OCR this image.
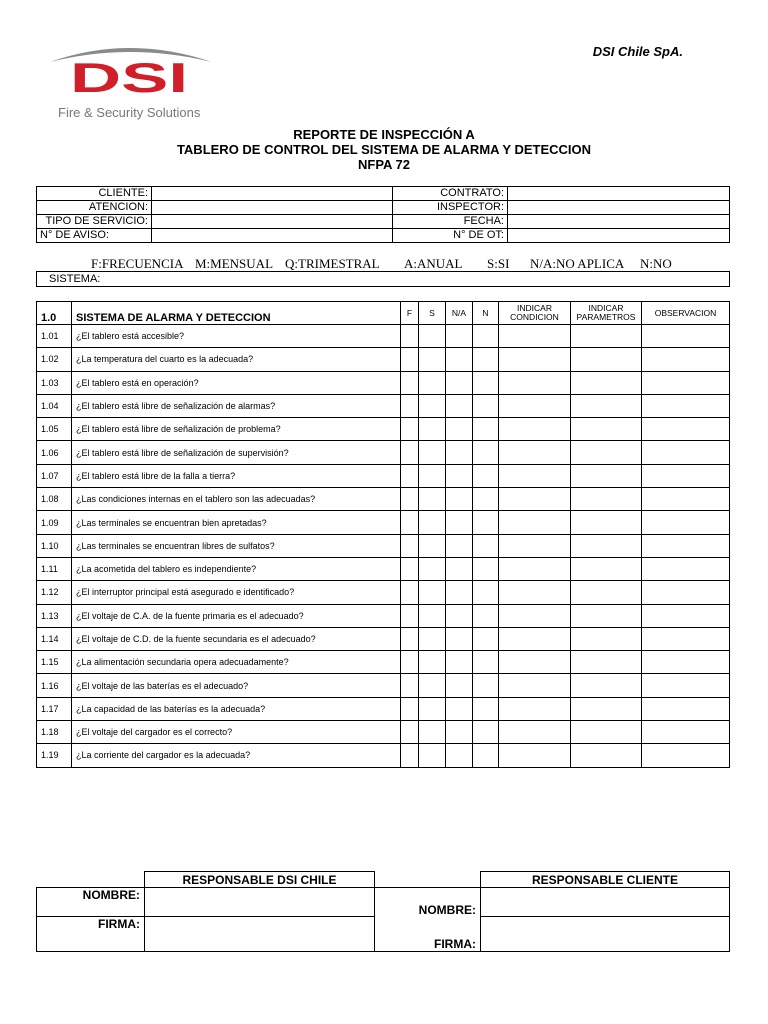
DSI
Fire & Security Solutions
DSI Chile SpA.
REPORTE DE INSPECCIÓN A
TABLERO DE CONTROL DEL SISTEMA DE ALARMA Y DETECCION
NFPA 72
CLIENTE:		CONTRATO:	
ATENCION:		INSPECTOR:	
TIPO DE SERVICIO:		FECHA:	
N° DE AVISO:		N° DE OT:	
F:FRECUENCIA M:MENSUAL Q:TRIMESTRAL A:ANUAL S:SI N/A:NO APLICA N:NO
SISTEMA:
1.0	SISTEMA DE ALARMA Y DETECCION	F	S	N/A	N	INDICAR CONDICION	INDICAR PARAMETROS	OBSERVACION
1.01	¿El tablero está accesible?							
1.02	¿La temperatura del cuarto es la adecuada?							
1.03	¿El tablero está en operación?							
1.04	¿El tablero está libre de señalización de alarmas?							
1.05	¿El tablero está libre de señalización de problema?							
1.06	¿El tablero está libre de señalización de supervisión?							
1.07	¿El tablero está libre de la falla a tierra?							
1.08	¿Las condiciones internas en el tablero son las adecuadas?							
1.09	¿Las terminales se encuentran bien apretadas?							
1.10	¿Las terminales se encuentran libres de sulfatos?							
1.11	¿La acometida del tablero es independiente?							
1.12	¿El interruptor principal está asegurado e identificado?							
1.13	¿El voltaje de C.A. de la fuente primaria es el adecuado?							
1.14	¿El voltaje de C.D. de la fuente secundaria es el adecuado?							
1.15	¿La alimentación secundaria opera adecuadamente?							
1.16	¿El voltaje de las baterías es el adecuado?							
1.17	¿La capacidad de las baterías es la adecuada?							
1.18	¿El voltaje del cargador es el correcto?							
1.19	¿La corriente del cargador es la adecuada?							
	RESPONSABLE DSI CHILE		RESPONSABLE CLIENTE
NOMBRE:		NOMBRE:	
FIRMA:		FIRMA:	
